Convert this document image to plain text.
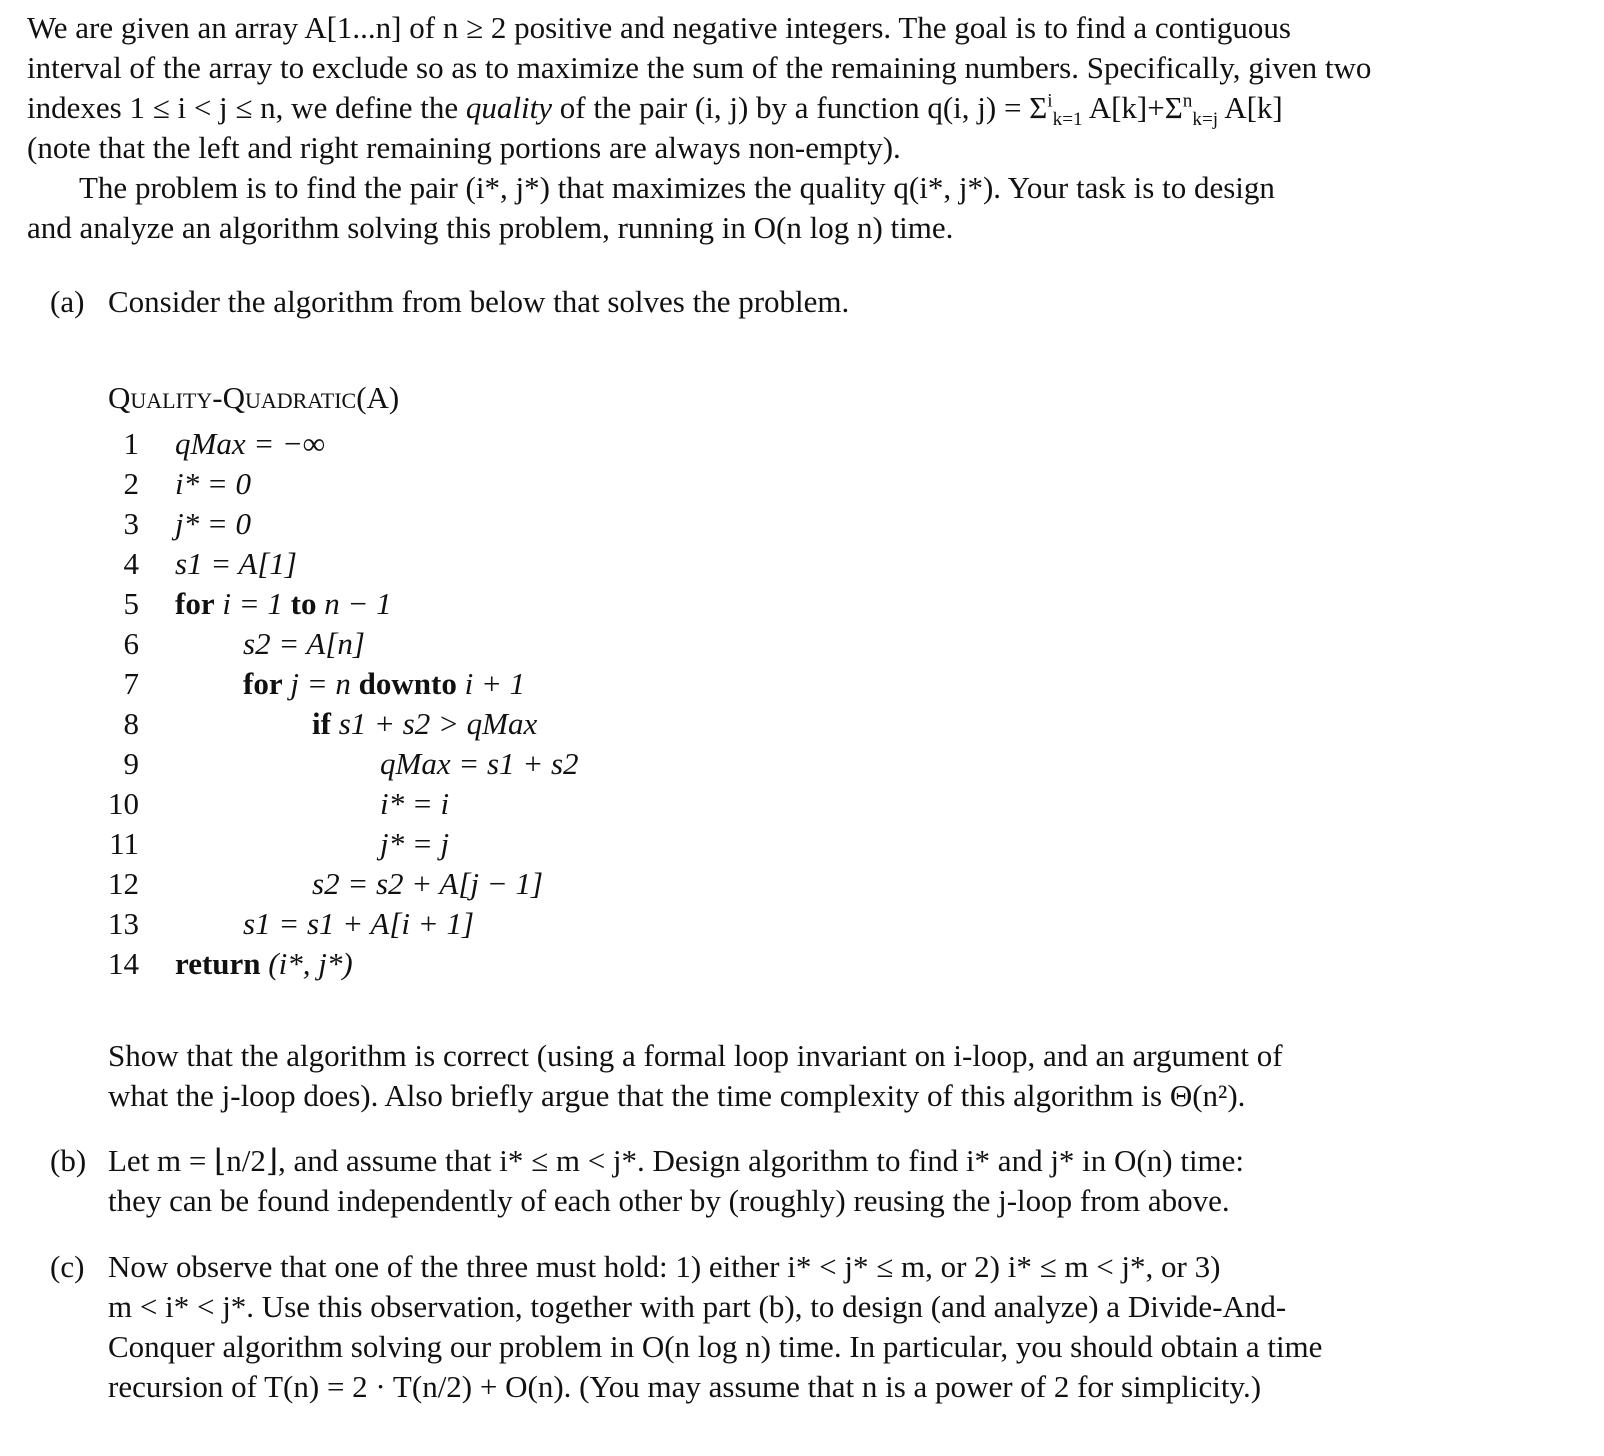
We are given an array A[1...n] of n ≥ 2 positive and negative integers. The goal is to find a contiguous
interval of the array to exclude so as to maximize the sum of the remaining numbers. Specifically, given two
indexes 1 ≤ i < j ≤ n, we define the quality of the pair (i, j) by a function q(i, $j) = \Sigma^i_{k=1}$ $A[k]+\Sigma^n_{k=j}$ A[k]
(note that the left and right remaining portions are always non-empty).
The problem is to find the pair (i*, j*) that maximizes the quality q(i*, j*). Your task is to design
and analyze an algorithm solving this problem, running in O(n log n) time.
(a) Consider the algorithm from below that solves the problem.
Quality-Quadratic(A)
1 qMax = −∞
2 i* = 0
3 j* = 0
4 s1 = A[1]
5 for i = 1 to n − 1
6	s2 = A[n]
7	for j = n downto i + 1
8	if s1 + s2 > qMax
9	qMax = s1 + s2
10	i* = i
11	j* = j
12	s2 = s2 + A[j − 1]
13	s1 = s1 + A[i + 1]
14 return (i*, j*)
Show that the algorithm is correct (using a formal loop invariant on i-loop, and an argument of
what the j-loop does). Also briefly argue that the time complexity of this algorithm is Θ(n²).
(b) Let m = ⌊n/2⌋, and assume that i* ≤ m < j*. Design algorithm to find i* and j* in O(n) time:
they can be found independently of each other by (roughly) reusing the j-loop from above.
(c) Now observe that one of the three must hold: 1) either i* < j* ≤ m, or 2) i* ≤ m < j*, or 3)
m < i* < j*. Use this observation, together with part (b), to design (and analyze) a Divide-And-
Conquer algorithm solving our problem in O(n log n) time. In particular, you should obtain a time
recursion of T(n) = 2 · T(n/2) + O(n). (You may assume that n is a power of 2 for simplicity.)
